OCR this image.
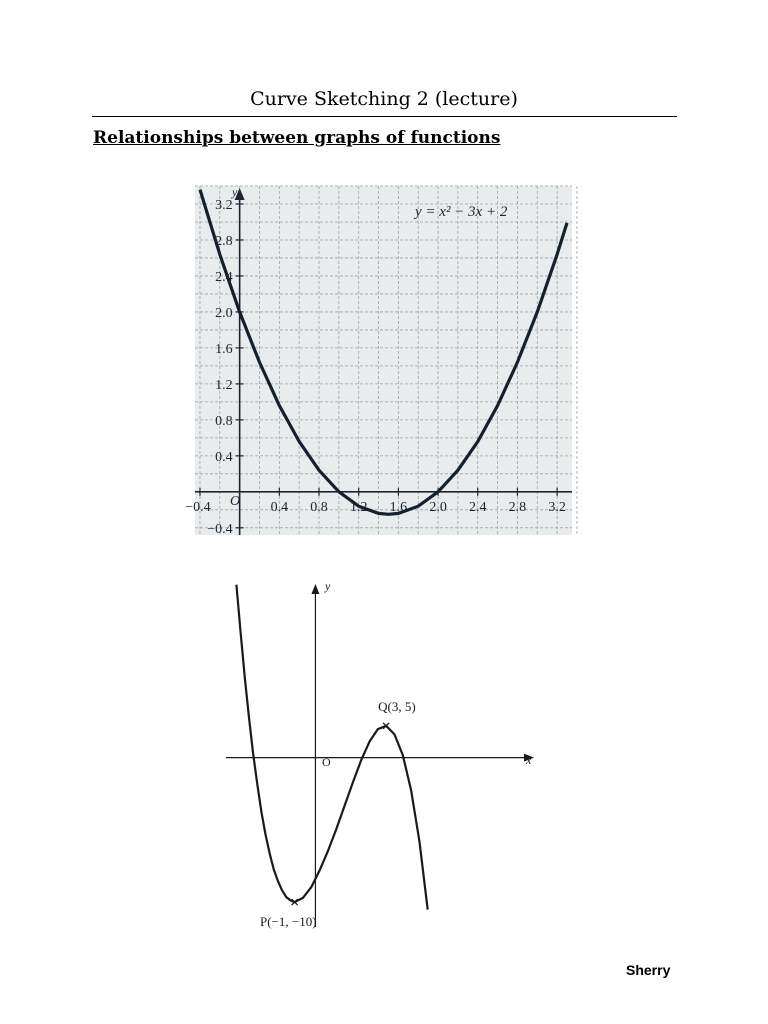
Curve Sketching 2 (lecture)
Relationships between graphs of functions
−0.4	0.4 0.8 1.2 1.6 2.0 2.4 2.8 3.2
3.2
2.8
2.4
2.0
1.6
1.2
0.8
0.4
−0.4
y = x² − 3x + 2
y
O
P(−1, −10)
Q(3, 5)
y
x
O
Sherry
